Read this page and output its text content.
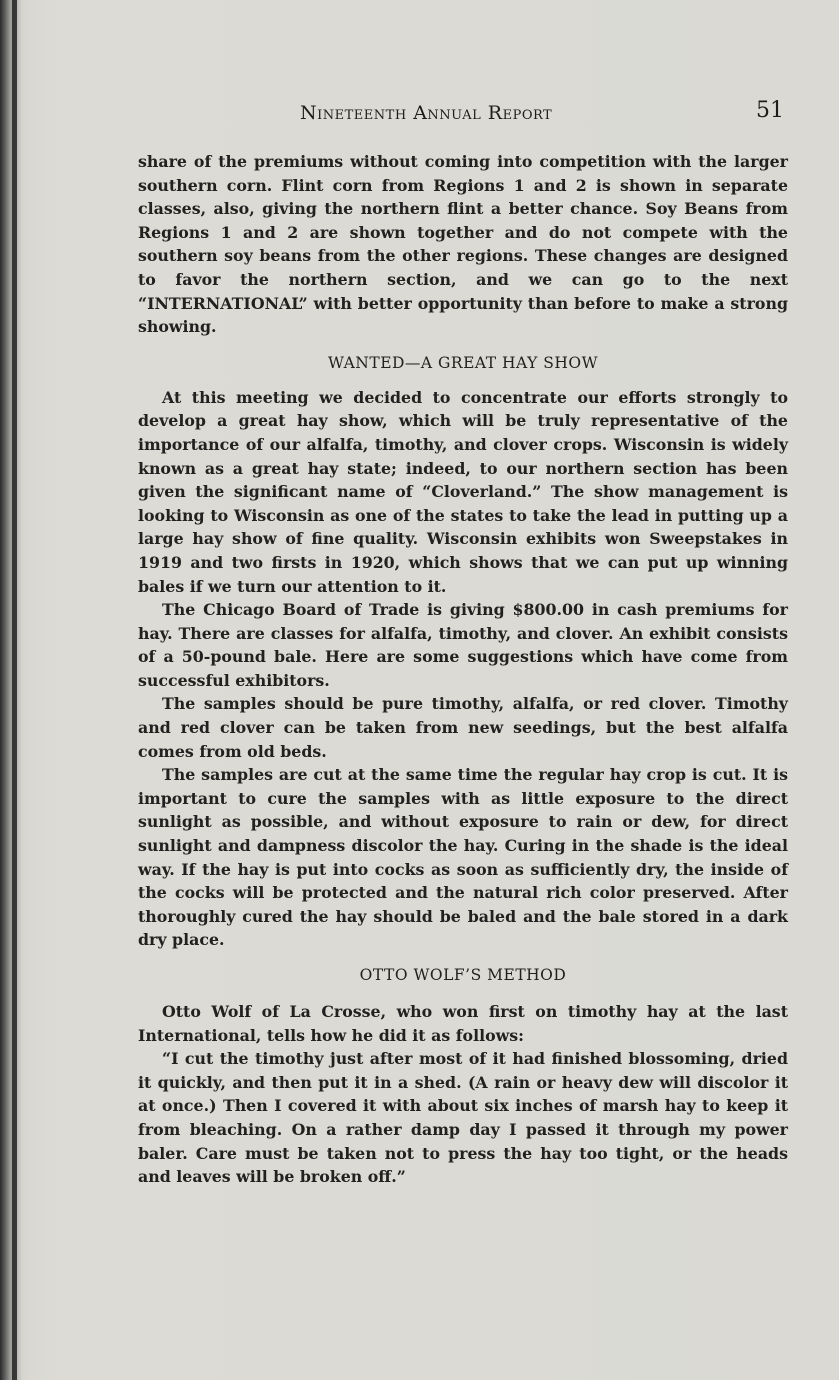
Nineteenth Annual Report	51

share of the premiums without coming into competition with the larger southern corn. Flint corn from Regions 1 and 2 is shown in separate classes, also, giving the northern flint a better chance. Soy Beans from Regions 1 and 2 are shown together and do not compete with the southern soy beans from the other regions. These changes are designed to favor the northern section, and we can go to the next “INTERNATIONAL” with better opportunity than before to make a strong showing.

WANTED—A GREAT HAY SHOW

At this meeting we decided to concentrate our efforts strongly to develop a great hay show, which will be truly representative of the importance of our alfalfa, timothy, and clover crops. Wisconsin is widely known as a great hay state; indeed, to our northern section has been given the significant name of “Cloverland.” The show management is looking to Wisconsin as one of the states to take the lead in putting up a large hay show of fine quality. Wisconsin exhibits won Sweepstakes in 1919 and two firsts in 1920, which shows that we can put up winning bales if we turn our attention to it.

The Chicago Board of Trade is giving $800.00 in cash premiums for hay. There are classes for alfalfa, timothy, and clover. An exhibit consists of a 50-pound bale. Here are some suggestions which have come from successful exhibitors.

The samples should be pure timothy, alfalfa, or red clover. Timothy and red clover can be taken from new seedings, but the best alfalfa comes from old beds.

The samples are cut at the same time the regular hay crop is cut. It is important to cure the samples with as little exposure to the direct sunlight as possible, and without exposure to rain or dew, for direct sunlight and dampness discolor the hay. Curing in the shade is the ideal way. If the hay is put into cocks as soon as sufficiently dry, the inside of the cocks will be protected and the natural rich color preserved. After thoroughly cured the hay should be baled and the bale stored in a dark dry place.

OTTO WOLF’S METHOD

Otto Wolf of La Crosse, who won first on timothy hay at the last International, tells how he did it as follows:

“I cut the timothy just after most of it had finished blossoming, dried it quickly, and then put it in a shed. (A rain or heavy dew will discolor it at once.) Then I covered it with about six inches of marsh hay to keep it from bleaching. On a rather damp day I passed it through my power baler. Care must be taken not to press the hay too tight, or the heads and leaves will be broken off.”
